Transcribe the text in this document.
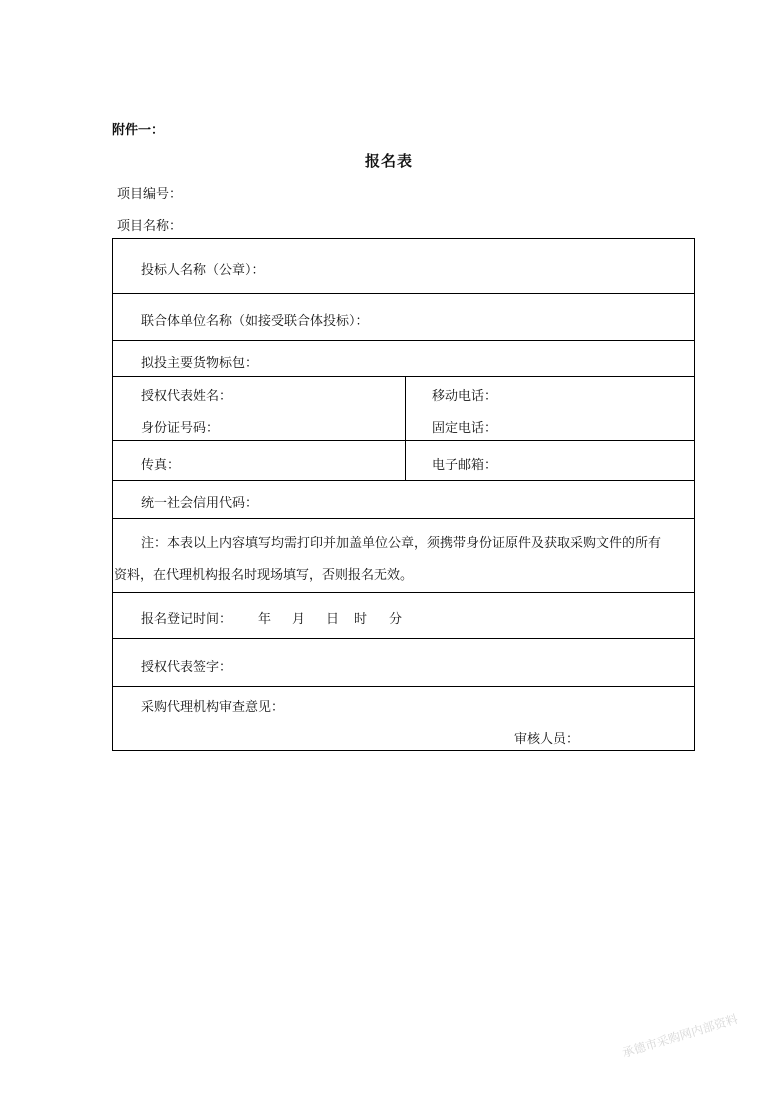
附件一：
报名表
项目编号：
项目名称：
投标人名称（公章）：
联合体单位名称（如接受联合体投标）：
拟投主要货物标包：
授权代表姓名：
身份证号码：
移动电话：
固定电话：
传真：	电子邮箱：
统一社会信用代码：
注：本表以上内容填写均需打印并加盖单位公章，须携带身份证原件及获取采购文件的所有
资料，在代理机构报名时现场填写，否则报名无效。
报名登记时间： 年 月 日 时 分
授权代表签字：
采购代理机构审查意见：
审核人员：
承德市采购网内部资料
